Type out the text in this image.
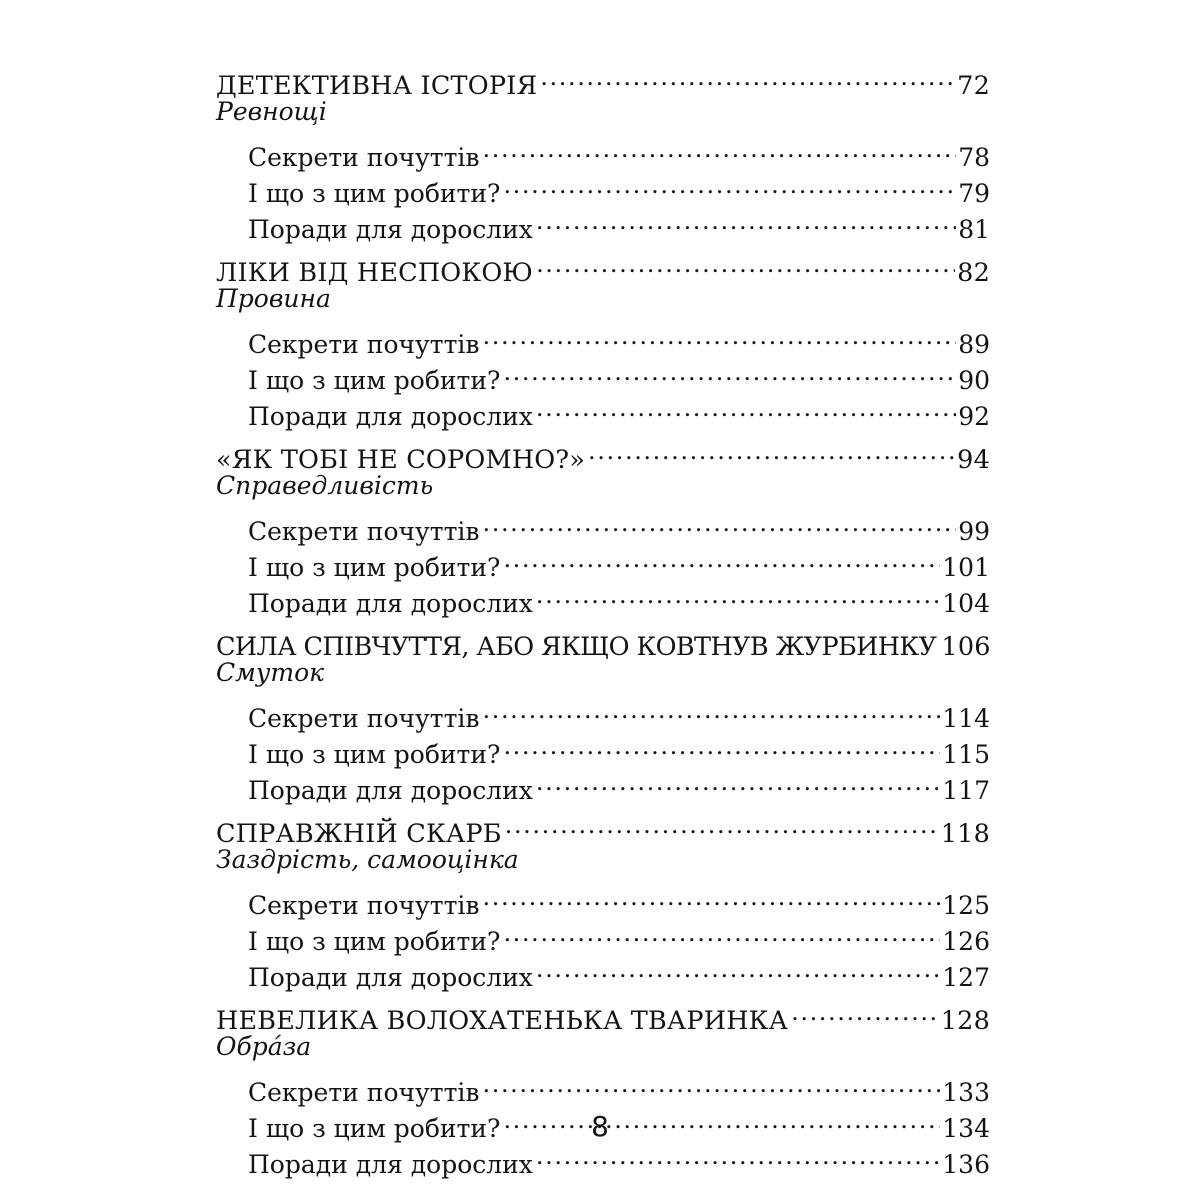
ДЕТЕКТИВНА ІСТОРІЯ .....	72
Ревнощі
Секрети почуттів .....	78
І що з цим робити? .....	79
Поради для дорослих .....	81
ЛІКИ ВІД НЕСПОКОЮ .....	82
Провина
Секрети почуттів .....	89
І що з цим робити? .....	90
Поради для дорослих .....	92
«ЯК ТОБІ НЕ СОРОМНО?» .....	94
Справедливість
Секрети почуттів .....	99
І що з цим робити? .....	101
Поради для дорослих .....	104
СИЛА СПІВЧУТТЯ, АБО ЯКЩО КОВТНУВ ЖУРБИНКУ 106
Смуток
Секрети почуттів .....	114
І що з цим робити? .....	115
Поради для дорослих .....	117
СПРАВЖНІЙ СКАРБ .....	118
Заздрість, самооцінка
Секрети почуттів .....	125
І що з цим робити? .....	126
Поради для дорослих .....	127
НЕВЕЛИКА ВОЛОХАТЕНЬКА ТВАРИНКА .....	128
Обрáза
Секрети почуттів .....	133
І що з цим робити? .....	134
Поради для дорослих .....	136
8
